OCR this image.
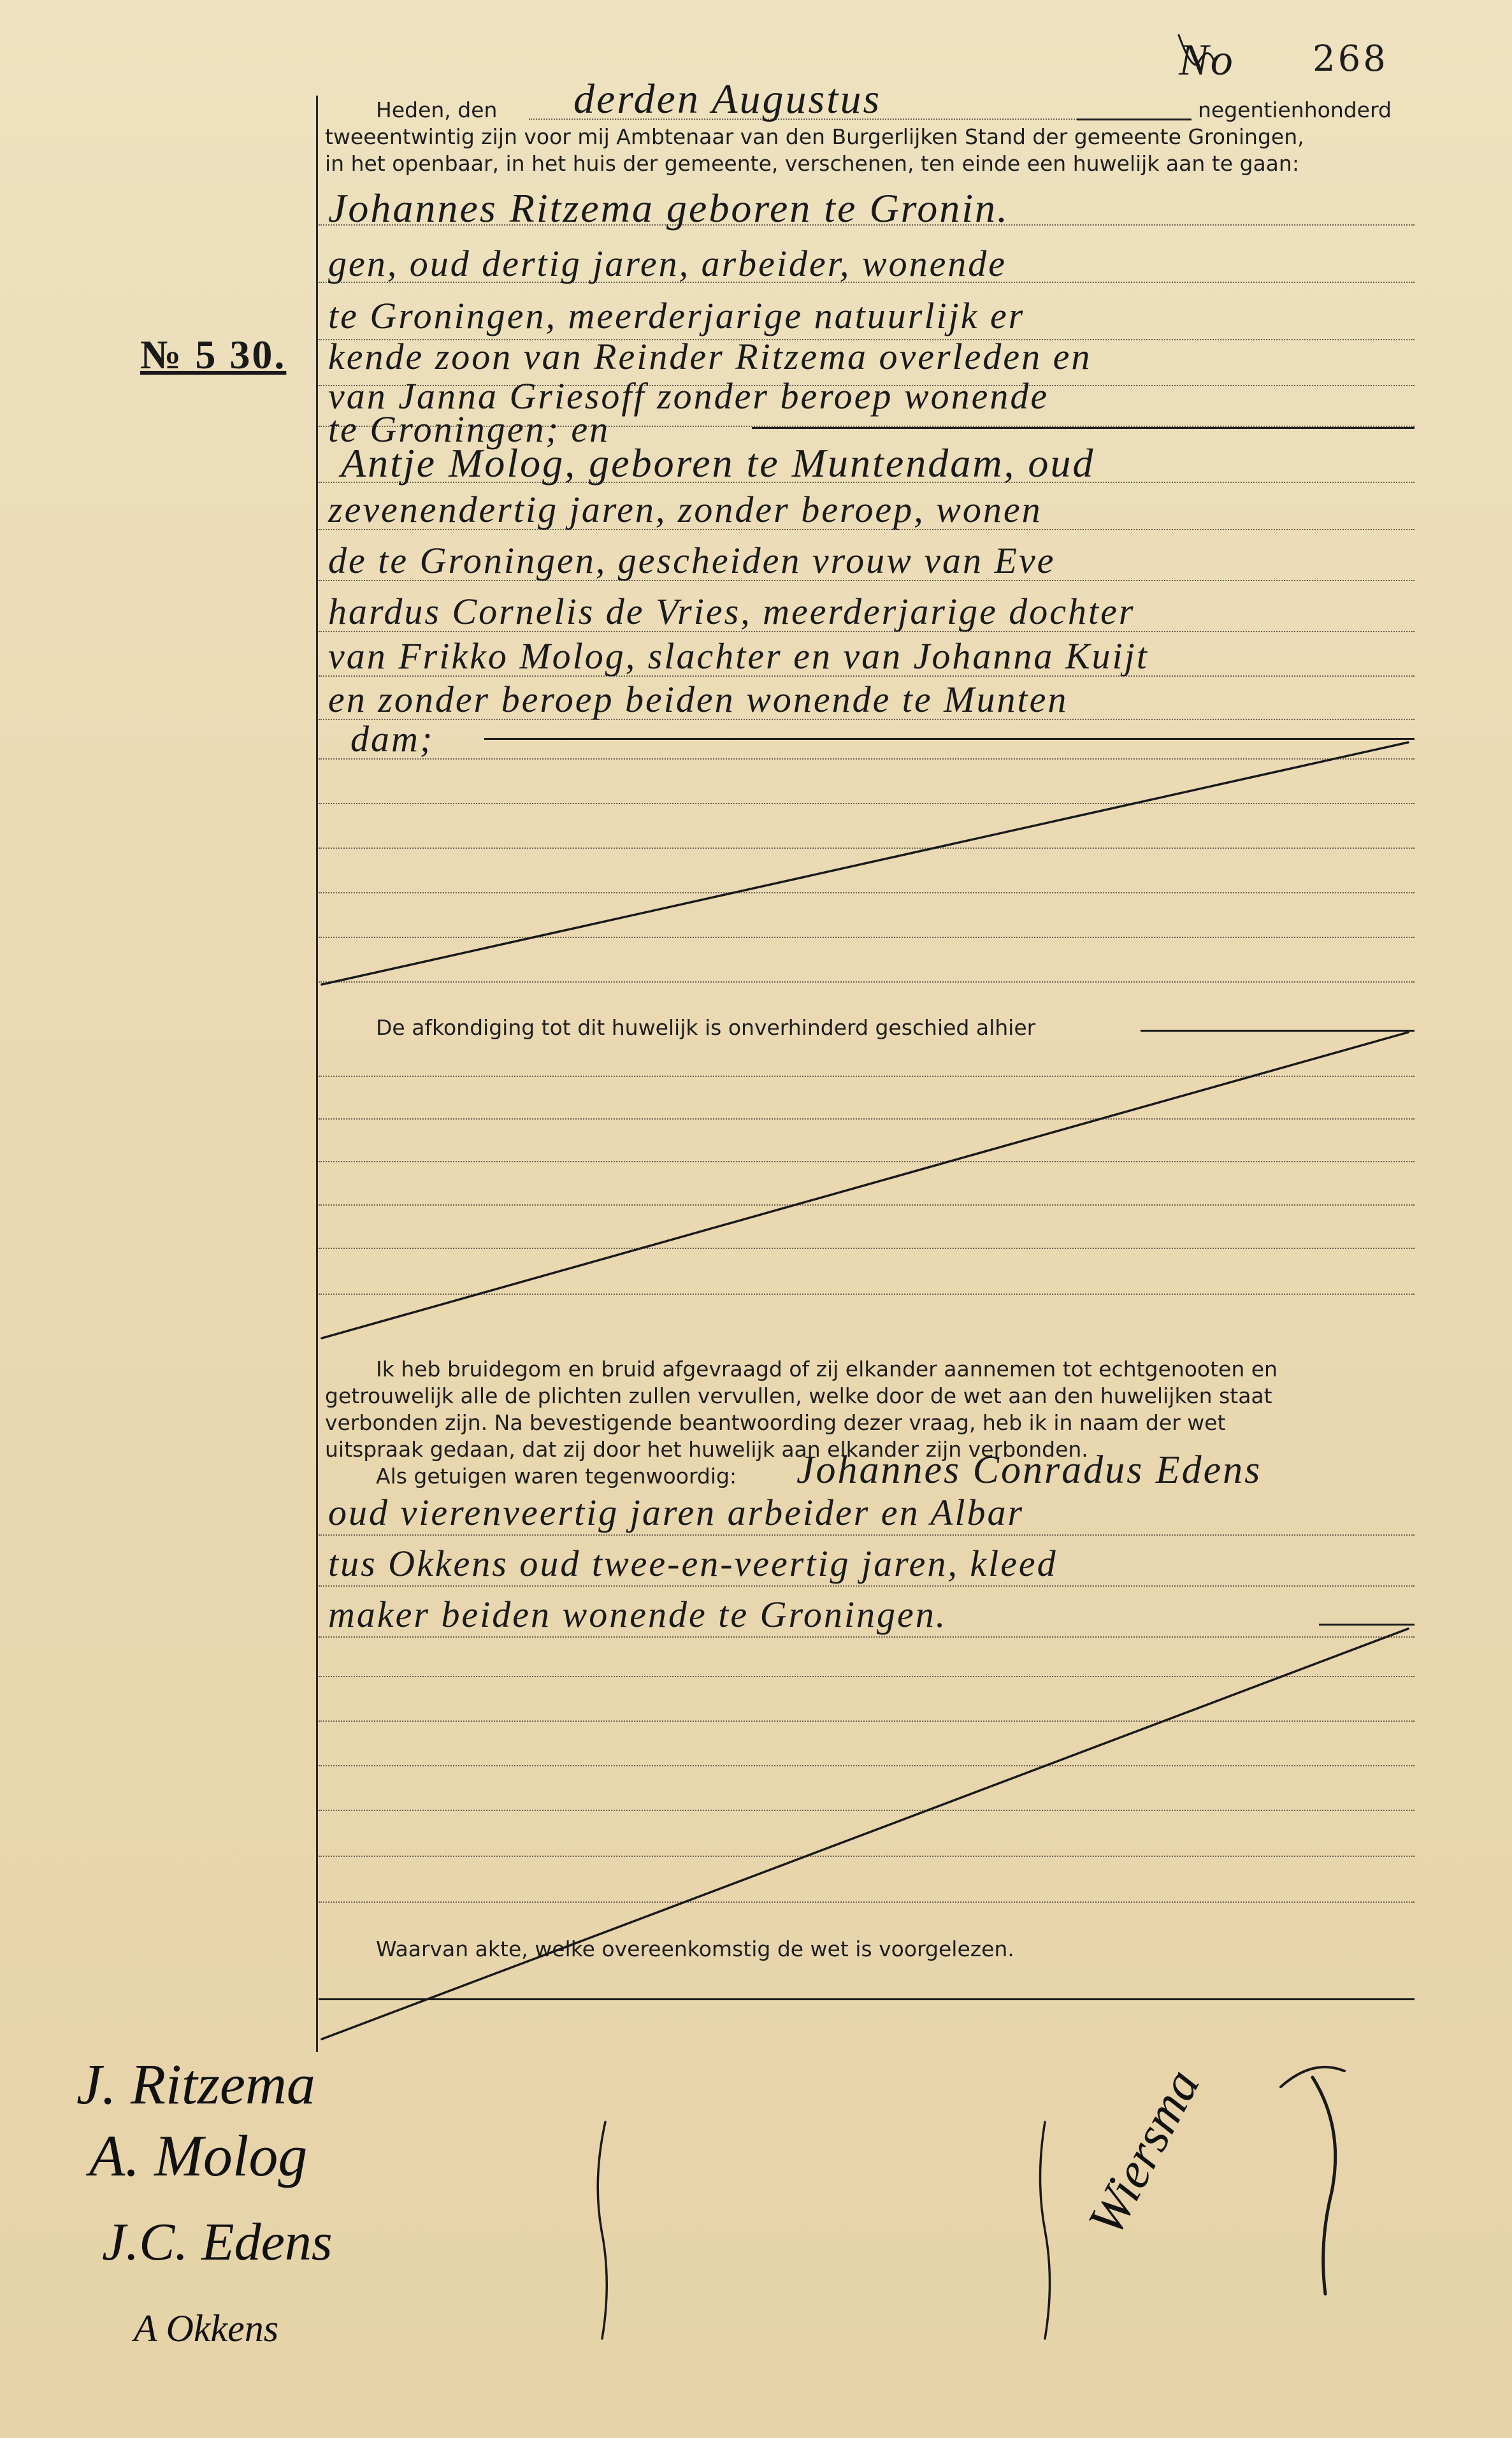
No 268
№ 5 30.
Heden, den derden Augustus	negentienhonderd
tweeentwintig zijn voor mij Ambtenaar van den Burgerlijken Stand der gemeente Groningen,
in het openbaar, in het huis der gemeente, verschenen, ten einde een huwelijk aan te gaan:
Johannes Ritzema geboren te Gronin.
gen, oud dertig jaren, arbeider, wonende
te Groningen, meerderjarige natuurlijk er
kende zoon van Reinder Ritzema overleden en
van Janna Griesoff zonder beroep wonende
te Groningen; en
Antje Molog, geboren te Muntendam, oud
zevenendertig jaren, zonder beroep, wonen
de te Groningen, gescheiden vrouw van Eve
hardus Cornelis de Vries, meerderjarige dochter
van Frikko Molog, slachter en van Johanna Kuijt
en zonder beroep beiden wonende te Munten
dam;
De afkondiging tot dit huwelijk is onverhinderd geschied alhier
Ik heb bruidegom en bruid afgevraagd of zij elkander aannemen tot echtgenooten en
getrouwelijk alle de plichten zullen vervullen, welke door de wet aan den huwelijken staat
verbonden zijn. Na bevestigende beantwoording dezer vraag, heb ik in naam der wet
uitspraak gedaan, dat zij door het huwelijk aan elkander zijn verbonden.
Als getuigen waren tegenwoordig: Johannes Conradus Edens
oud vierenveertig jaren arbeider en Albar
tus Okkens oud twee-en-veertig jaren, kleed
maker beiden wonende te Groningen.
Waarvan akte, welke overeenkomstig de wet is voorgelezen.
J. Ritzema
A. Molog
J.C. Edens
A Okkens
Wiersma
